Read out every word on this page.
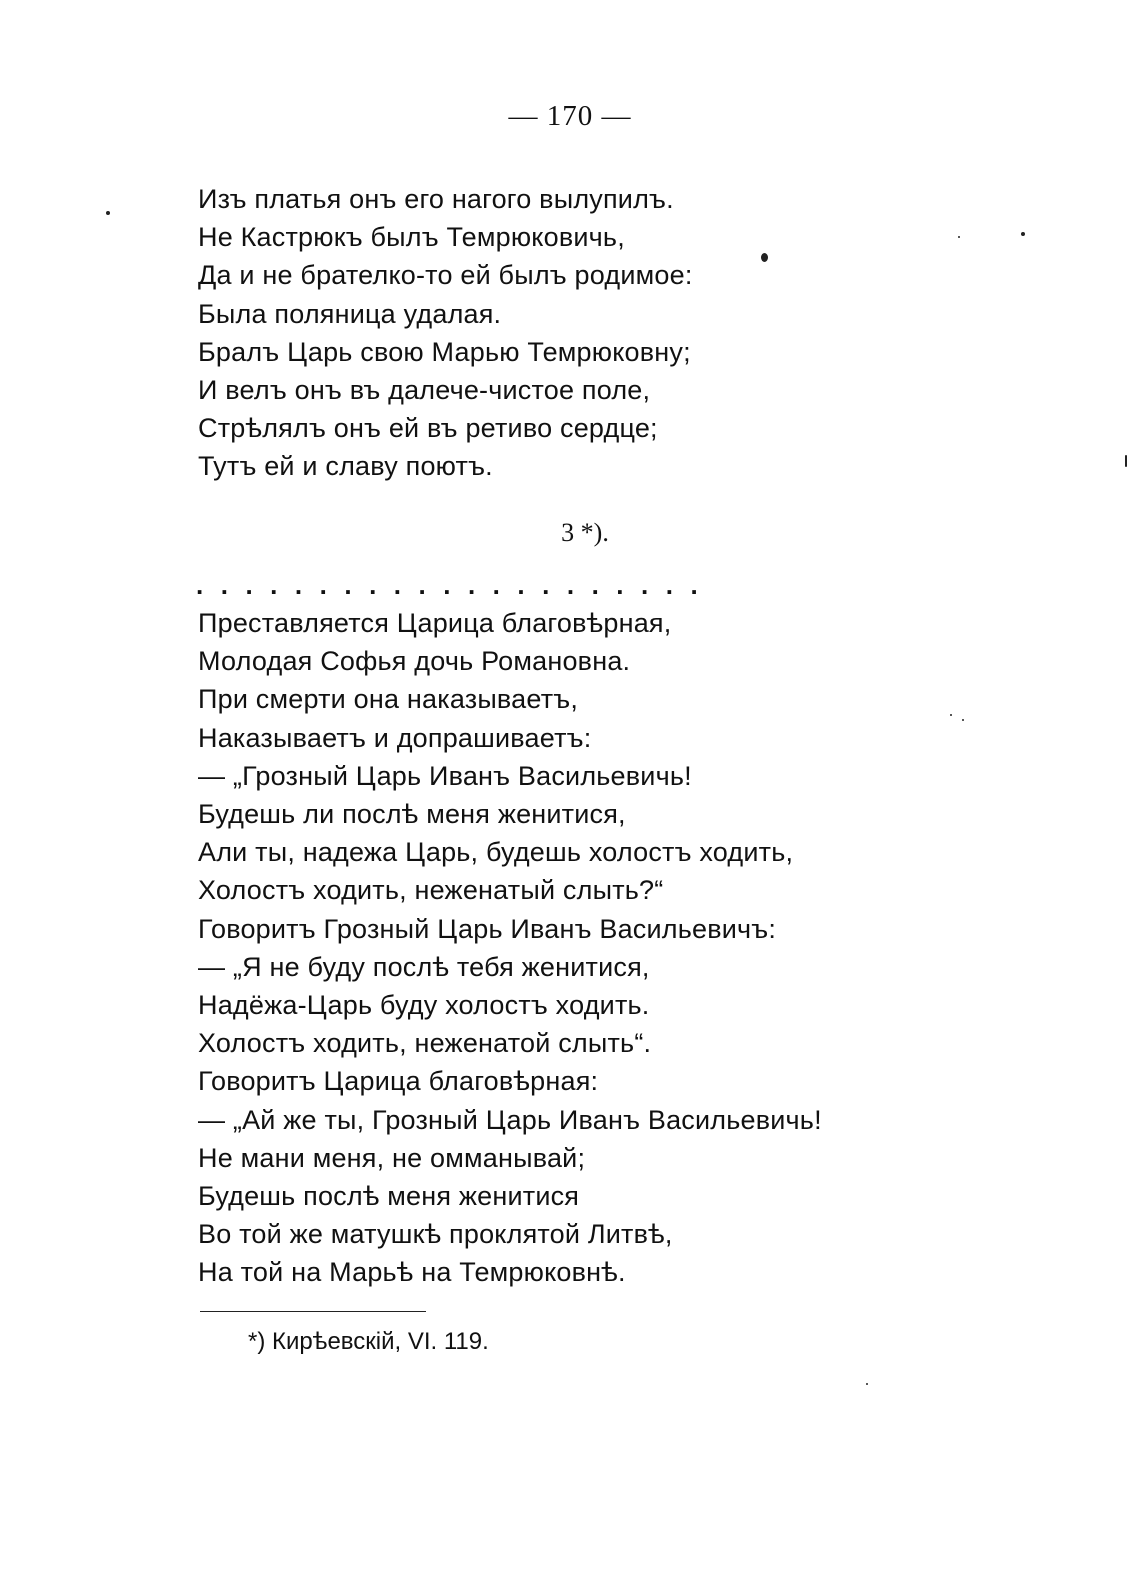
— 170 —
Изъ платья онъ его нагого вылупилъ.
Не Кастрюкъ былъ Темрюковичь,
Да и не брателко-то ей былъ родимое:
Была поляница удалая.
Бралъ Царь свою Марью Темрюковну;
И велъ онъ въ далече-чистое поле,
Стрѣлялъ онъ ей въ ретиво сердце;
Тутъ ей и славу поютъ.
3 *).
.....................
Преставляется Царица благовѣрная,
Молодая Софья дочь Романовна.
При смерти она наказываетъ,
Наказываетъ и допрашиваетъ:
— „Грозный Царь Иванъ Васильевичь!
Будешь ли послѣ меня женитися,
Али ты, надежа Царь, будешь холостъ ходить,
Холостъ ходить, неженатый слыть?“
Говоритъ Грозный Царь Иванъ Васильевичъ:
— „Я не буду послѣ тебя женитися,
Надёжа-Царь буду холостъ ходить.
Холостъ ходить, неженатой слыть“.
Говоритъ Царица благовѣрная:
— „Ай же ты, Грозный Царь Иванъ Васильевичь!
Не мани меня, не омманывай;
Будешь послѣ меня женитися
Во той же матушкѣ проклятой Литвѣ,
На той на Марьѣ на Темрюковнѣ.
*) Кирѣевскій, VI. 119.
